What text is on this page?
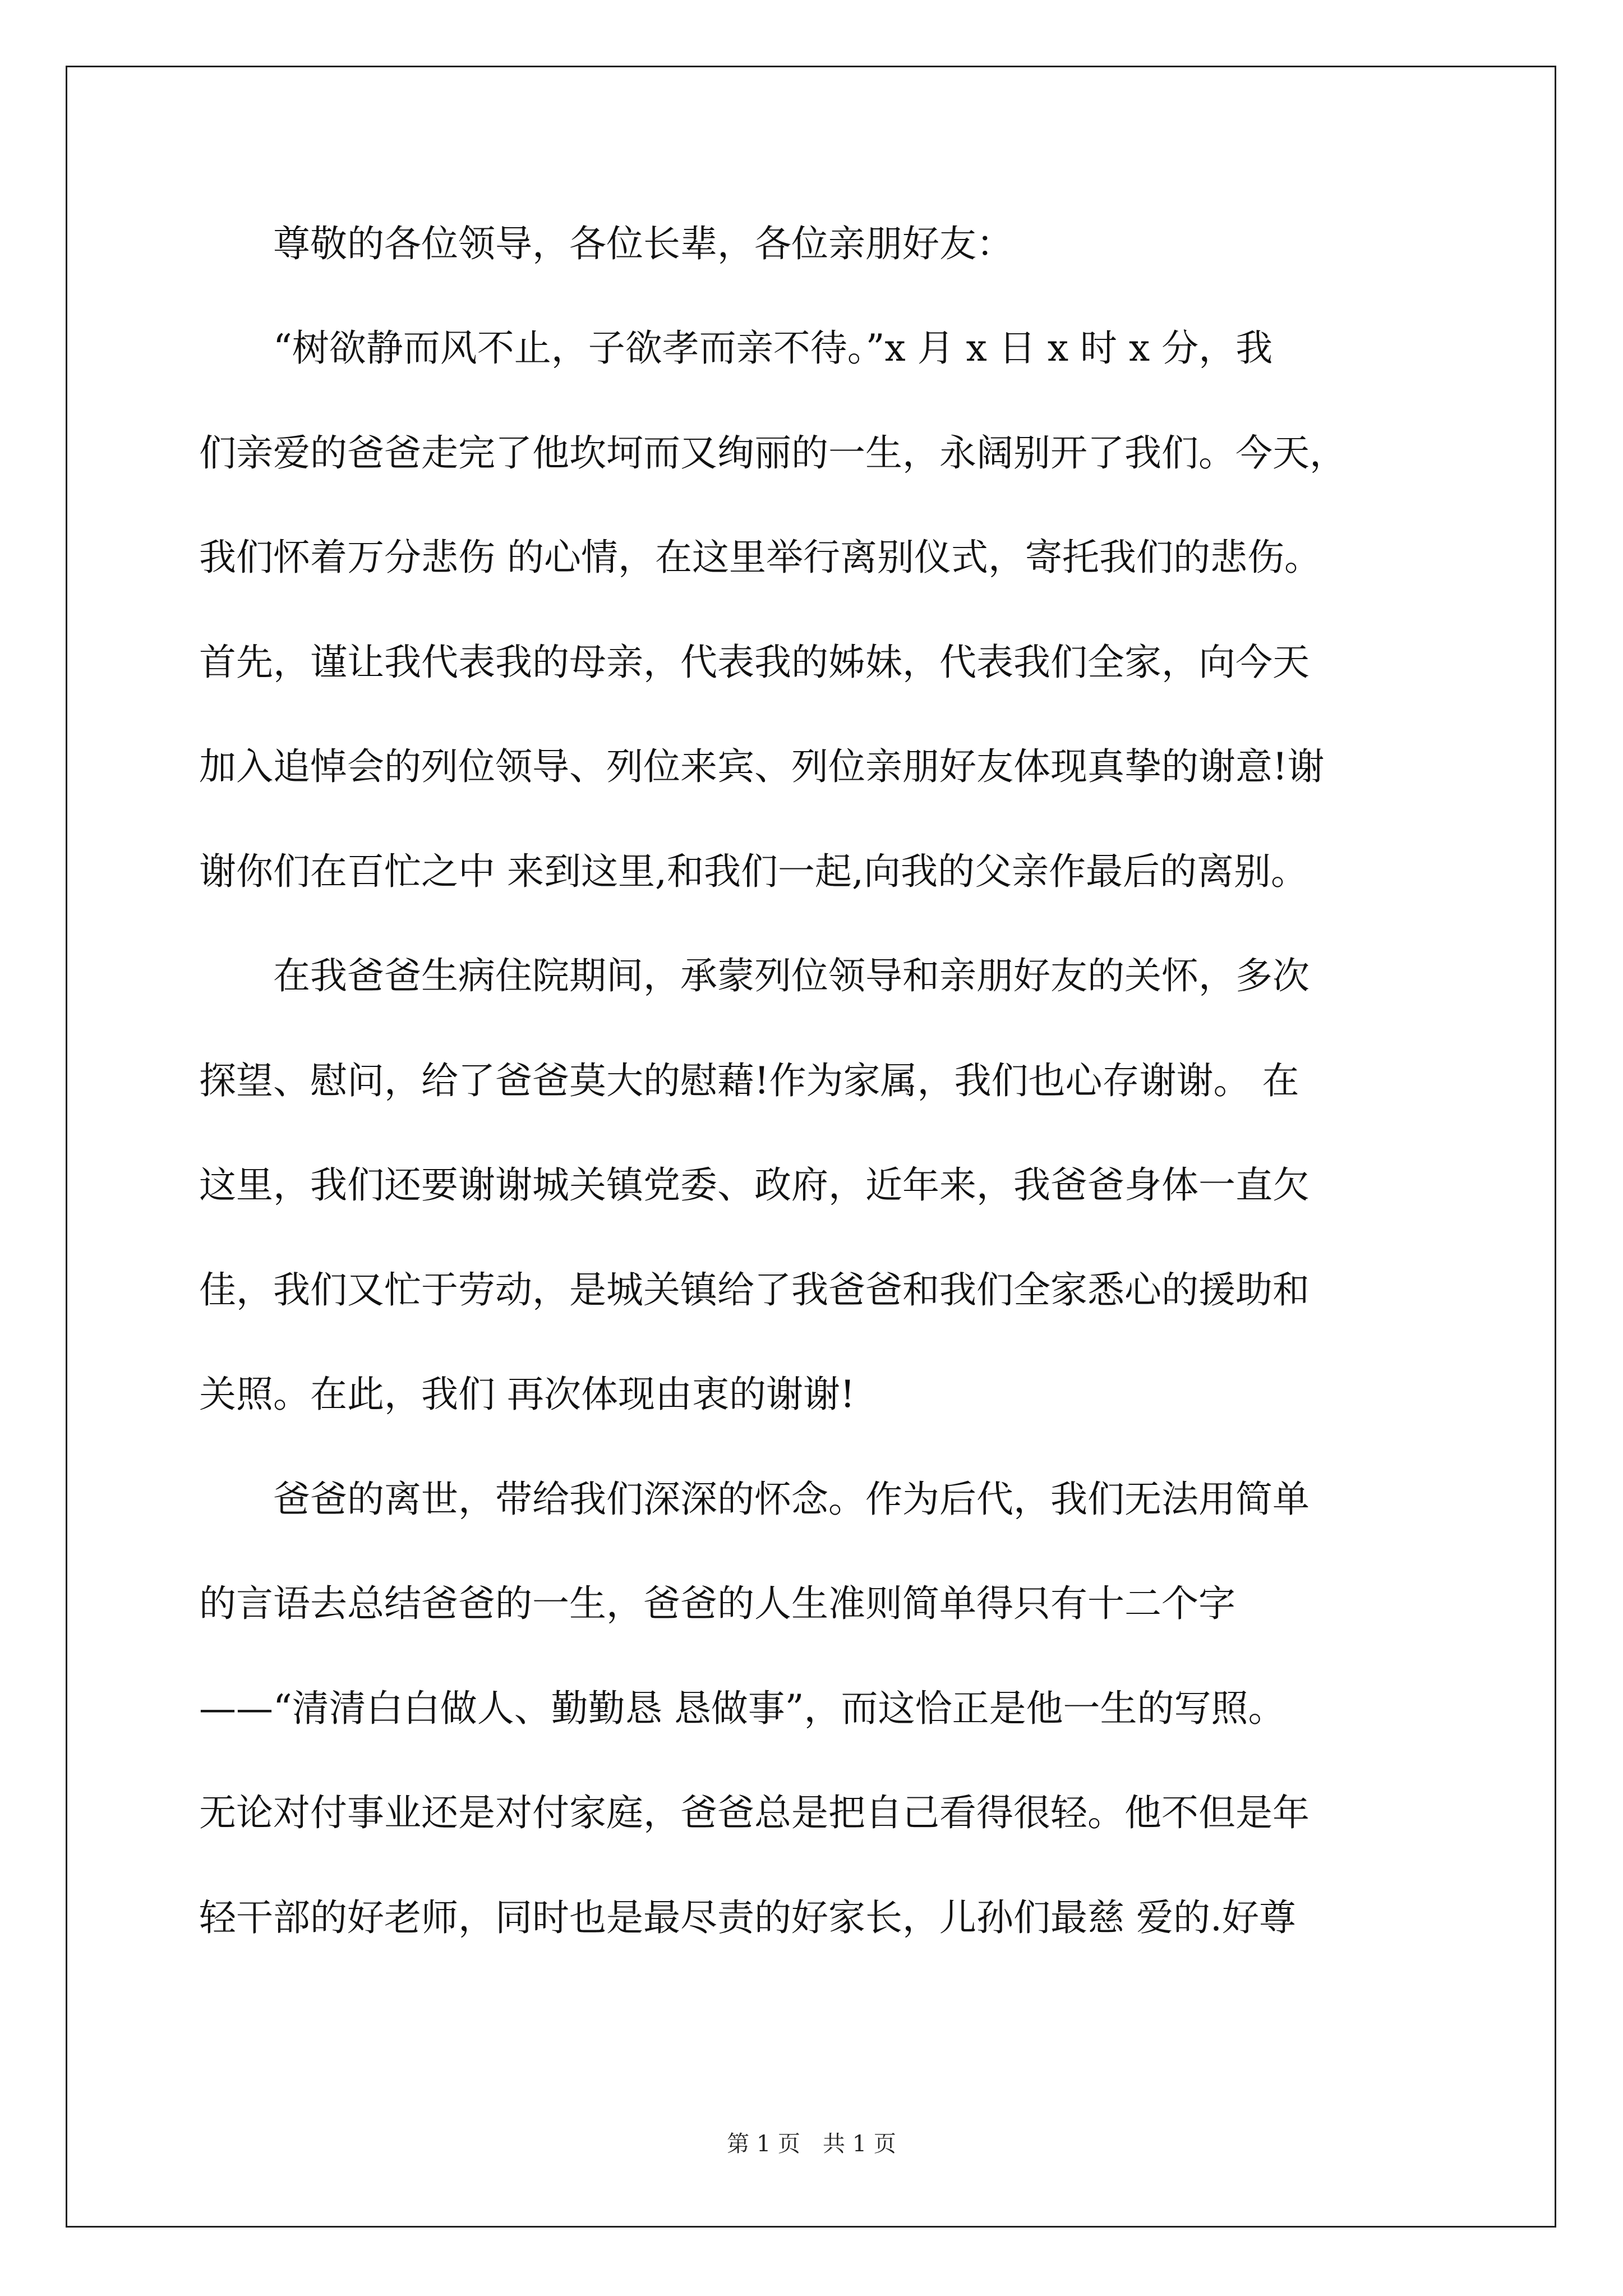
　　尊敬的各位领导，各位长辈，各位亲朋好友：
　　“树欲静而风不止，子欲孝而亲不待。”x 月 x 日 x 时 x 分，我
们亲爱的爸爸走完了他坎坷而又绚丽的一生，永阔别开了我们。今天，
我们怀着万分悲伤 的心情，在这里举行离别仪式，寄托我们的悲伤。
首先，谨让我代表我的母亲，代表我的姊妹，代表我们全家，向今天
加入追悼会的列位领导、列位来宾、列位亲朋好友体现真挚的谢意!谢
谢你们在百忙之中 来到这里,和我们一起,向我的父亲作最后的离别。
　　在我爸爸生病住院期间，承蒙列位领导和亲朋好友的关怀，多次
探望、慰问，给了爸爸莫大的慰藉!作为家属，我们也心存谢谢。 在
这里，我们还要谢谢城关镇党委、政府，近年来，我爸爸身体一直欠
佳，我们又忙于劳动，是城关镇给了我爸爸和我们全家悉心的援助和
关照。在此，我们 再次体现由衷的谢谢!
　　爸爸的离世，带给我们深深的怀念。作为后代，我们无法用简单
的言语去总结爸爸的一生，爸爸的人生准则简单得只有十二个字
——“清清白白做人、勤勤恳 恳做事”，而这恰正是他一生的写照。
无论对付事业还是对付家庭，爸爸总是把自己看得很轻。他不但是年
轻干部的好老师，同时也是最尽责的好家长，儿孙们最慈 爱的.好尊
第 1 页　共 1 页
